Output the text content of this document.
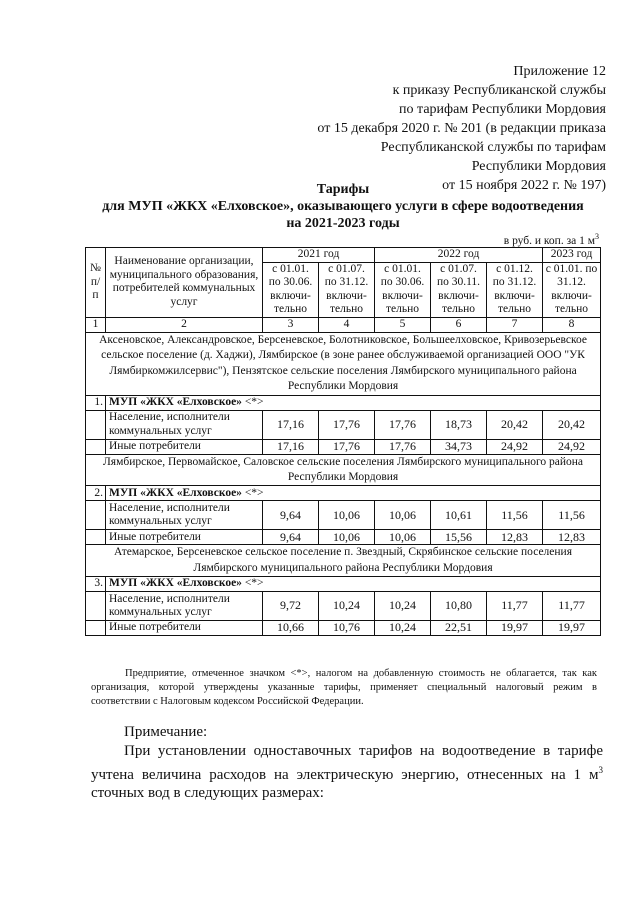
Приложение 12
к приказу Республиканской службы
по тарифам Республики Мордовия
от 15 декабря 2020 г. № 201 (в редакции приказа
Республиканской службы по тарифам
Республики Мордовия
от 15 ноября 2022 г. № 197)
Тарифы
для МУП «ЖКХ «Елховское», оказывающего услуги в сфере водоотведения
на 2021-2023 годы
в руб. и коп. за 1 $м^3$
№ п/ п	Наименование организации, муниципального образования, потребителей коммунальных услуг	2021 год		2022 год			2023 год
		с 01.01. по 30.06. включи-тельно	с 01.07. по 31.12. включи-тельно	с 01.01. по 30.06. включи-тельно	с 01.07. по 30.11. включи-тельно	с 01.12. по 31.12. включи-тельно	с 01.01. по 31.12. включи-тельно
1	2	3	4	5	6	7	8
Аксеновское, Александровское, Берсеневское, Болотниковское, Большеелховское, Кривозерьевское сельское поселение (д. Хаджи), Лямбирское (в зоне ранее обслуживаемой организацией ООО "УК Лямбиркомжилсервис"), Пензятское сельские поселения Лямбирского муниципального района Республики Мордовия							
1.	МУП «ЖКХ «Елховское» <*>						
	Население, исполнители коммунальных услуг	17,16	17,76	17,76	18,73	20,42	20,42
	Иные потребители	17,16	17,76	17,76	34,73	24,92	24,92
Лямбирское, Первомайское, Саловское сельские поселения Лямбирского муниципального района Республики Мордовия							
2.	МУП «ЖКХ «Елховское» <*>						
	Население, исполнители коммунальных услуг	9,64	10,06	10,06	10,61	11,56	11,56
	Иные потребители	9,64	10,06	10,06	15,56	12,83	12,83
Атемарское, Берсеневское сельское поселение п. Звездный, Скрябинское сельские поселения Лямбирского муниципального района Республики Мордовия							
3.	МУП «ЖКХ «Елховское» <*>						
	Население, исполнители коммунальных услуг	9,72	10,24	10,24	10,80	11,77	11,77
	Иные потребители	10,66	10,76	10,24	22,51	19,97	19,97

Предприятие, отмеченное значком <*>, налогом на добавленную стоимость не облагается, так как организация, которой утверждены указанные тарифы, применяет специальный налоговый режим в соответствии с Налоговым кодексом Российской Федерации.

Примечание:

При установлении одноставочных тарифов на водоотведение в тарифе учтена величина расходов на электрическую энергию, отнесенных на 1 $м^3$ сточных вод в следующих размерах:
